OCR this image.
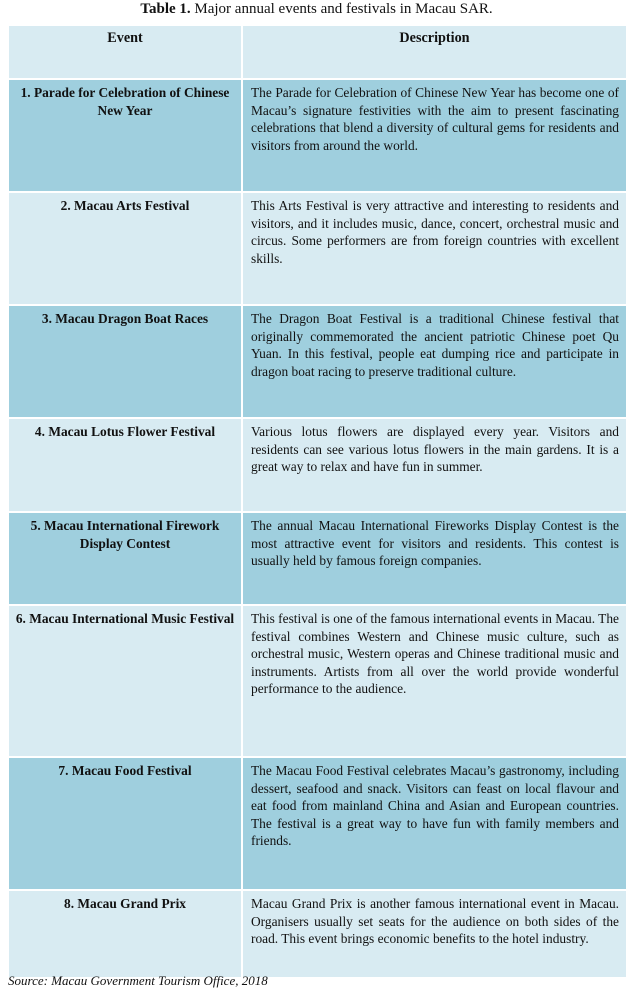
Table 1. Major annual events and festivals in Macau SAR.
Event	Description
1. Parade for Celebration of Chinese New Year	The Parade for Celebration of Chinese New Year has become one of Macau’s signature festivities with the aim to present fascinating celebrations that blend a diversity of cultural gems for residents and visitors from around the world.
2. Macau Arts Festival	This Arts Festival is very attractive and interesting to residents and visitors, and it includes music, dance, concert, orchestral music and circus. Some performers are from foreign countries with excellent skills.
3. Macau Dragon Boat Races	The Dragon Boat Festival is a traditional Chinese festival that originally commemorated the ancient patriotic Chinese poet Qu Yuan. In this festival, people eat dumping rice and participate in dragon boat racing to preserve traditional culture.
4. Macau Lotus Flower Festival	Various lotus flowers are displayed every year. Visitors and residents can see various lotus flowers in the main gardens. It is a great way to relax and have fun in summer.
5. Macau International Firework Display Contest	The annual Macau International Fireworks Display Contest is the most attractive event for visitors and residents. This contest is usually held by famous foreign companies.
6. Macau International Music Festival	This festival is one of the famous international events in Macau. The festival combines Western and Chinese music culture, such as orchestral music, Western operas and Chinese traditional music and instruments. Artists from all over the world provide wonderful performance to the audience.
7. Macau Food Festival	The Macau Food Festival celebrates Macau’s gastronomy, including dessert, seafood and snack. Visitors can feast on local flavour and eat food from mainland China and Asian and European countries. The festival is a great way to have fun with family members and friends.
8. Macau Grand Prix	Macau Grand Prix is another famous international event in Macau. Organisers usually set seats for the audience on both sides of the road. This event brings economic benefits to the hotel industry.
Source: Macau Government Tourism Office, 2018
